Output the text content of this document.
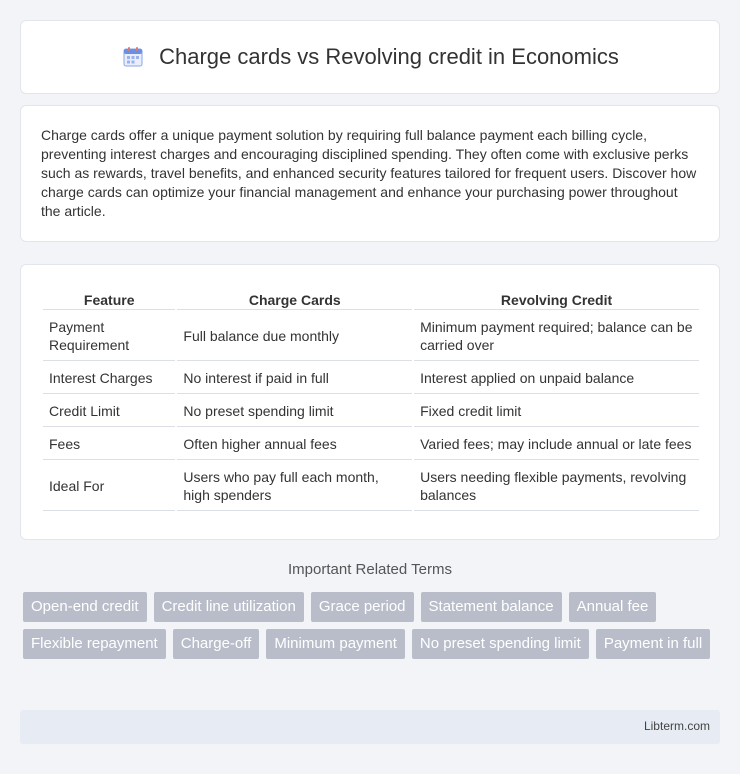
Charge cards vs Revolving credit in Economics

Charge cards offer a unique payment solution by requiring full balance payment each billing cycle, preventing interest charges and encouraging disciplined spending. They often come with exclusive perks such as rewards, travel benefits, and enhanced security features tailored for frequent users. Discover how charge cards can optimize your financial management and enhance your purchasing power throughout the article.

Feature	Charge Cards	Revolving Credit
Payment Requirement	Full balance due monthly	Minimum payment required; balance can be carried over
Interest Charges	No interest if paid in full	Interest applied on unpaid balance
Credit Limit	No preset spending limit	Fixed credit limit
Fees	Often higher annual fees	Varied fees; may include annual or late fees
Ideal For	Users who pay full each month, high spenders	Users needing flexible payments, revolving balances
Important Related Terms
Open-end credit	Credit line utilization	Grace period	Statement balance	Annual fee
Flexible repayment	Charge-off	Minimum payment	No preset spending limit	Payment in full
Libterm.com
